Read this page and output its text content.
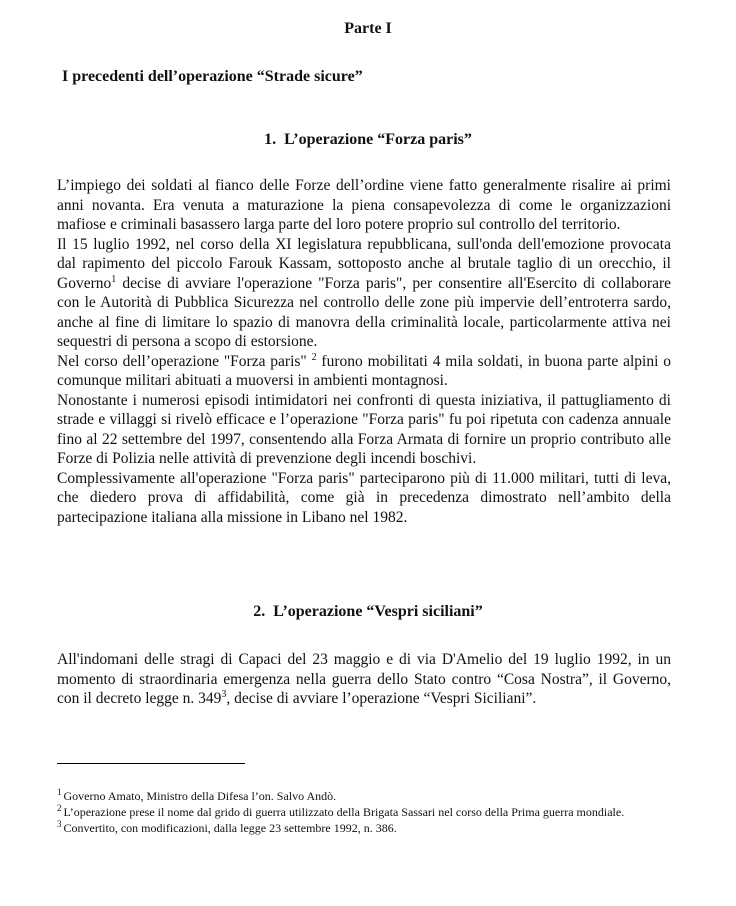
Parte I
I precedenti dell’operazione “Strade sicure”
1. L’operazione “Forza paris”

L’impiego dei soldati al fianco delle Forze dell’ordine viene fatto generalmente risalire ai primi anni novanta. Era venuta a maturazione la piena consapevolezza di come le organizzazioni mafiose e criminali basassero larga parte del loro potere proprio sul controllo del territorio.

Il 15 luglio 1992, nel corso della XI legislatura repubblicana, sull'onda dell'emozione provocata dal rapimento del piccolo Farouk Kassam, sottoposto anche al brutale taglio di un orecchio, il Governo$^1$ decise di avviare l'operazione "Forza paris", per consentire all'Esercito di collaborare con le Autorità di Pubblica Sicurezza nel controllo delle zone più impervie dell’entroterra sardo, anche al fine di limitare lo spazio di manovra della criminalità locale, particolarmente attiva nei sequestri di persona a scopo di estorsione.

Nel corso dell’operazione "Forza paris" $^2$ furono mobilitati 4 mila soldati, in buona parte alpini o comunque militari abituati a muoversi in ambienti montagnosi.

Nonostante i numerosi episodi intimidatori nei confronti di questa iniziativa, il pattugliamento di strade e villaggi si rivelò efficace e l’operazione "Forza paris" fu poi ripetuta con cadenza annuale fino al 22 settembre del 1997, consentendo alla Forza Armata di fornire un proprio contributo alle Forze di Polizia nelle attività di prevenzione degli incendi boschivi.

Complessivamente all'operazione "Forza paris" parteciparono più di 11.000 militari, tutti di leva, che diedero prova di affidabilità, come già in precedenza dimostrato nell’ambito della partecipazione italiana alla missione in Libano nel 1982.

2. L’operazione “Vespri siciliani”

All'indomani delle stragi di Capaci del 23 maggio e di via D'Amelio del 19 luglio 1992, in un momento di straordinaria emergenza nella guerra dello Stato contro “Cosa Nostra”, il Governo, con il decreto legge n. $349^3$, decise di avviare l’operazione “Vespri Siciliani”.

$^1$ Governo Amato, Ministro della Difesa l’on. Salvo Andò.

$^2$ L’operazione prese il nome dal grido di guerra utilizzato della Brigata Sassari nel corso della Prima guerra mondiale.

$^3$ Convertito, con modificazioni, dalla legge 23 settembre 1992, n. 386.
